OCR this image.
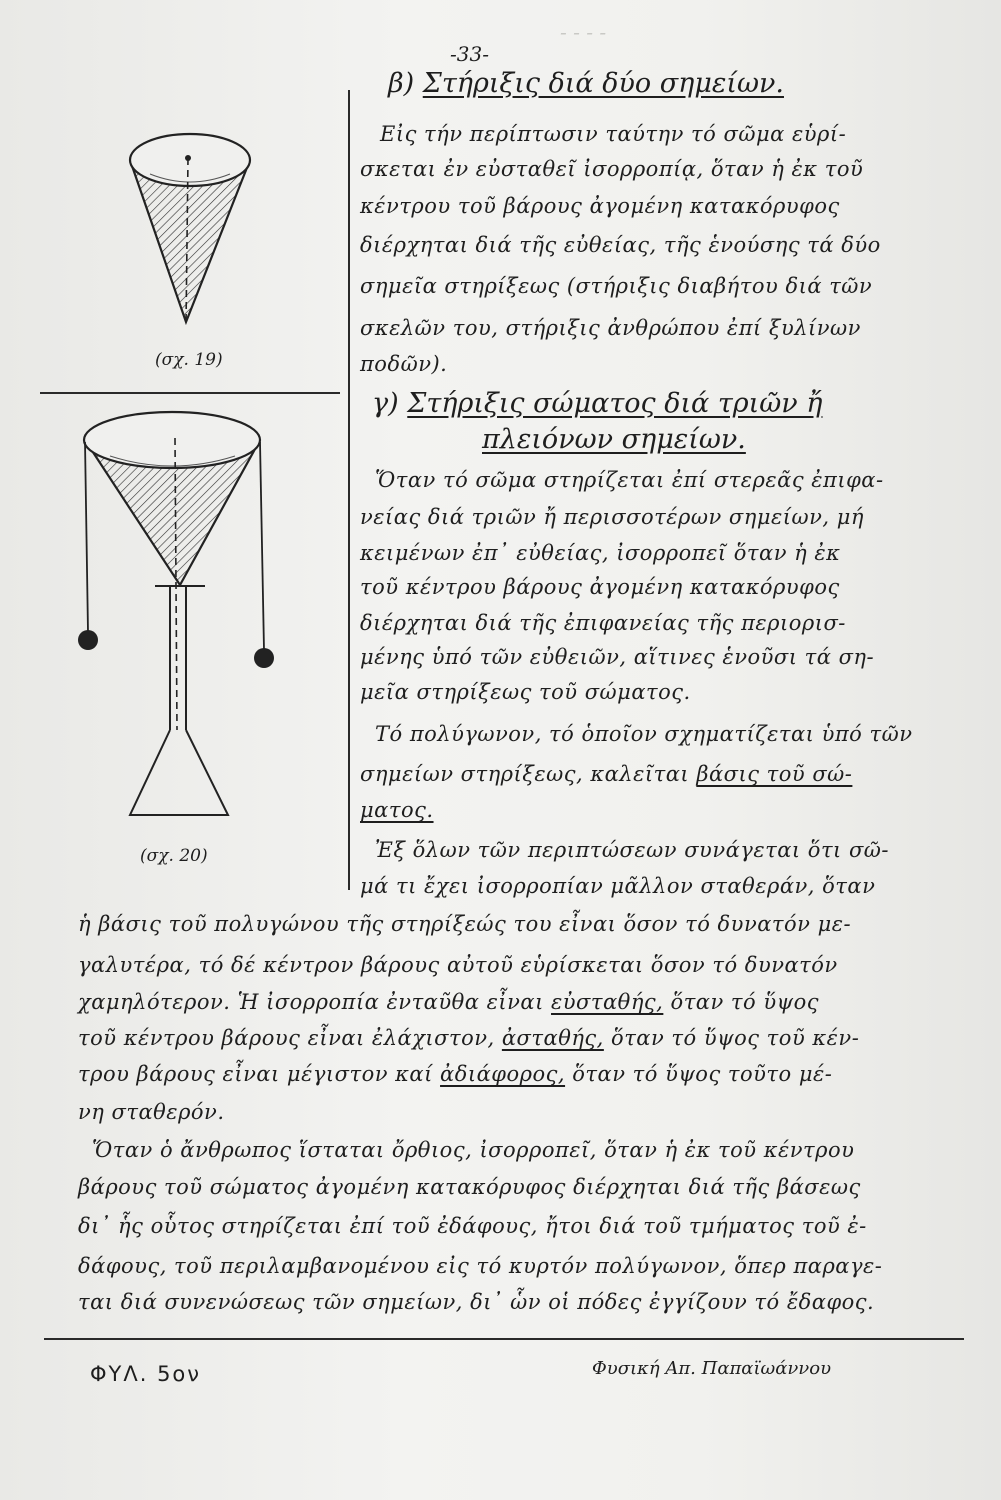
- - - -
-33-
(σχ. 19)
(σχ. 20)
β) Στήριξις διά δύο σημείων.
Εἰς τήν περίπτωσιν ταύτην τό σῶμα εὑρί-
σκεται ἐν εὐσταθεῖ ἰσορροπίᾳ, ὅταν ἡ ἐκ τοῦ
κέντρου τοῦ βάρους ἀγομένη κατακόρυφος
διέρχηται διά τῆς εὐθείας, τῆς ἑνούσης τά δύο
σημεῖα στηρίξεως (στήριξις διαβήτου διά τῶν
σκελῶν του, στήριξις ἀνθρώπου ἐπί ξυλίνων
ποδῶν).
γ) Στήριξις σώματος διά τριῶν ἤ
πλειόνων σημείων.
Ὅταν τό σῶμα στηρίζεται ἐπί στερεᾶς ἐπιφα-
νείας διά τριῶν ἤ περισσοτέρων σημείων, μή
κειμένων ἐπ᾿ εὐθείας, ἰσορροπεῖ ὅταν ἡ ἐκ
τοῦ κέντρου βάρους ἀγομένη κατακόρυφος
διέρχηται διά τῆς ἐπιφανείας τῆς περιορισ-
μένης ὑπό τῶν εὐθειῶν, αἵτινες ἑνοῦσι τά ση-
μεῖα στηρίξεως τοῦ σώματος.
Τό πολύγωνον, τό ὁποῖον σχηματίζεται ὑπό τῶν
σημείων στηρίξεως, καλεῖται βάσις τοῦ σώ-
ματος.
Ἐξ ὅλων τῶν περιπτώσεων συνάγεται ὅτι σῶ-
μά τι ἔχει ἰσορροπίαν μᾶλλον σταθεράν, ὅταν
ἡ βάσις τοῦ πολυγώνου τῆς στηρίξεώς του εἶναι ὅσον τό δυνατόν με-
γαλυτέρα, τό δέ κέντρον βάρους αὐτοῦ εὑρίσκεται ὅσον τό δυνατόν
χαμηλότερον. Ἡ ἰσορροπία ἐνταῦθα εἶναι εὐσταθής, ὅταν τό ὕψος
τοῦ κέντρου βάρους εἶναι ἐλάχιστον, ἀσταθής, ὅταν τό ὕψος τοῦ κέν-
τρου βάρους εἶναι μέγιστον καί ἀδιάφορος, ὅταν τό ὕψος τοῦτο μέ-
νη σταθερόν.
Ὅταν ὁ ἄνθρωπος ἵσταται ὄρθιος, ἰσορροπεῖ, ὅταν ἡ ἐκ τοῦ κέντρου
βάρους τοῦ σώματος ἀγομένη κατακόρυφος διέρχηται διά τῆς βάσεως
δι᾿ ἧς οὗτος στηρίζεται ἐπί τοῦ ἐδάφους, ἤτοι διά τοῦ τμήματος τοῦ ἐ-
δάφους, τοῦ περιλαμβανομένου εἰς τό κυρτόν πολύγωνον, ὅπερ παραγε-
ται διά συνενώσεως τῶν σημείων, δι᾿ ὧν οἱ πόδες ἐγγίζουν τό ἔδαφος.
ΦΥΛ. 5ον	Φυσική Απ. Παπαϊωάννου
